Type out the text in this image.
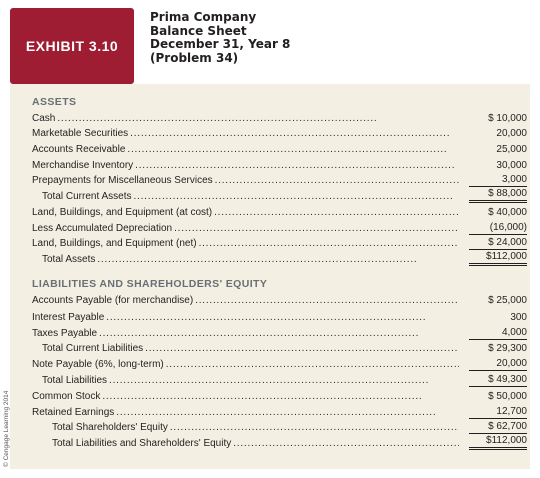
EXHIBIT 3.10
Prima Company
Balance Sheet
December 31, Year 8
(Problem 34)
ASSETS
Cash . . .	$ 10,000
Marketable Securities . . .	20,000
Accounts Receivable . . .	25,000
Merchandise Inventory . . .	30,000
Prepayments for Miscellaneous Services . . .	3,000
Total Current Assets . . .	$ 88,000
Land, Buildings, and Equipment (at cost) . . .	$ 40,000
Less Accumulated Depreciation . . .	(16,000)
Land, Buildings, and Equipment (net) . . .	$ 24,000
Total Assets . . .	$112,000
LIABILITIES AND SHAREHOLDERS' EQUITY
Accounts Payable (for merchandise) . . .	$ 25,000
Interest Payable . . .	300
Taxes Payable . . .	4,000
Total Current Liabilities . . .	$ 29,300
Note Payable (6%, long-term) . . .	20,000
Total Liabilities . . .	$ 49,300
Common Stock . . .	$ 50,000
Retained Earnings . . .	12,700
Total Shareholders' Equity . . .	$ 62,700
Total Liabilities and Shareholders' Equity . . .	$112,000
© Cengage Learning 2014
